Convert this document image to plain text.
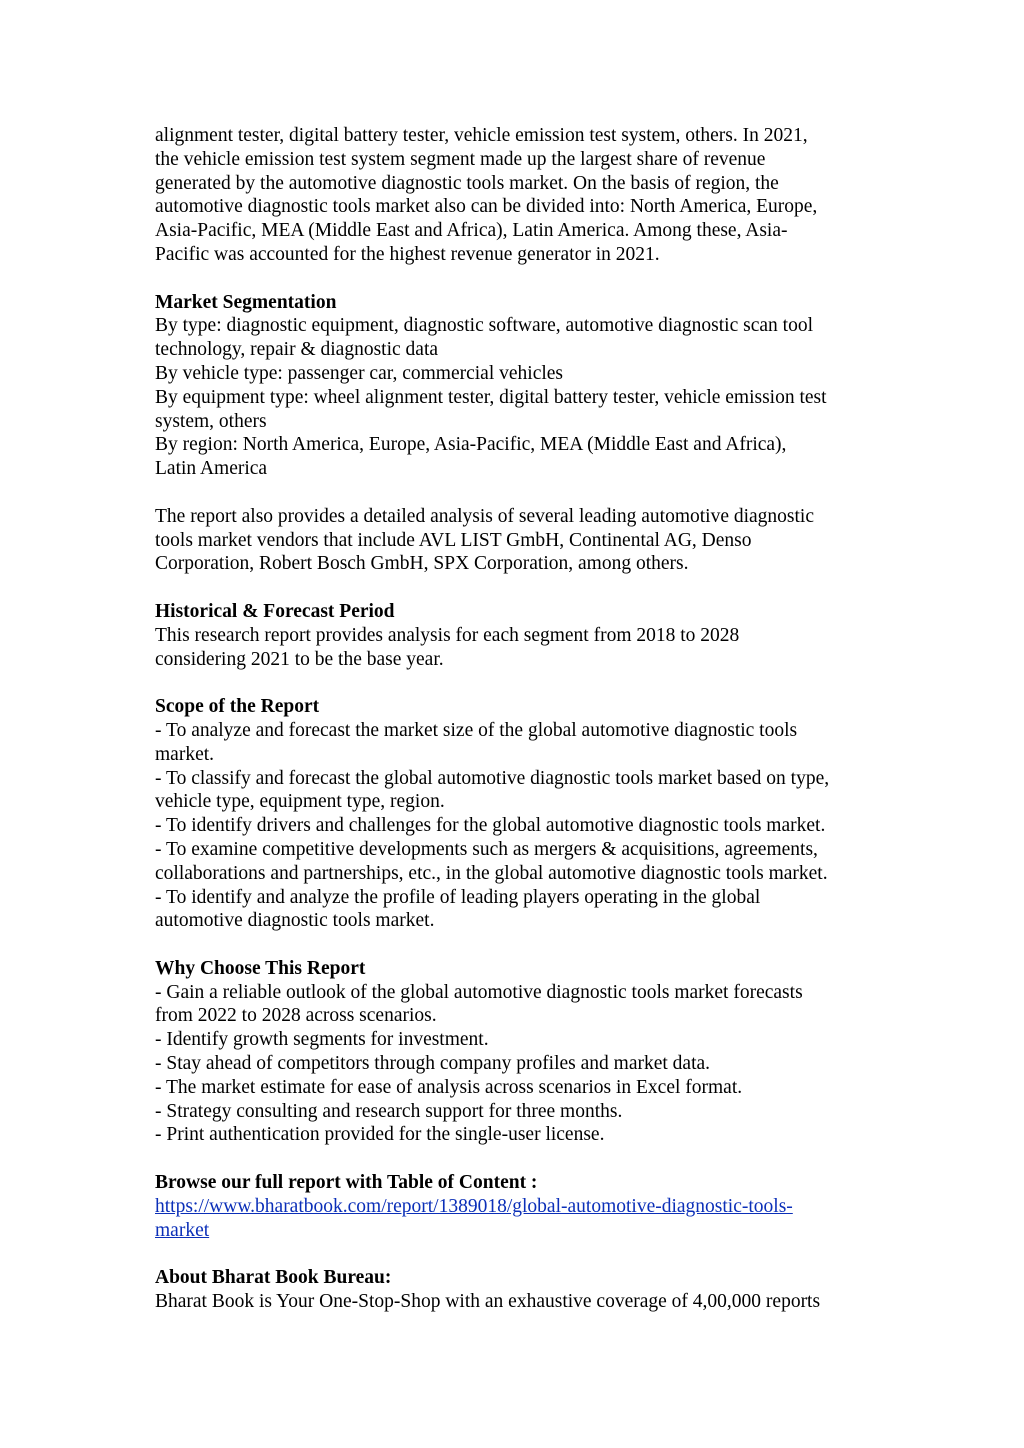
alignment tester, digital battery tester, vehicle emission test system, others. In 2021,
the vehicle emission test system segment made up the largest share of revenue
generated by the automotive diagnostic tools market. On the basis of region, the
automotive diagnostic tools market also can be divided into: North America, Europe,
Asia-Pacific, MEA (Middle East and Africa), Latin America. Among these, Asia-
Pacific was accounted for the highest revenue generator in 2021.
Market Segmentation
By type: diagnostic equipment, diagnostic software, automotive diagnostic scan tool
technology, repair & diagnostic data
By vehicle type: passenger car, commercial vehicles
By equipment type: wheel alignment tester, digital battery tester, vehicle emission test
system, others
By region: North America, Europe, Asia-Pacific, MEA (Middle East and Africa),
Latin America
The report also provides a detailed analysis of several leading automotive diagnostic
tools market vendors that include AVL LIST GmbH, Continental AG, Denso
Corporation, Robert Bosch GmbH, SPX Corporation, among others.
Historical & Forecast Period
This research report provides analysis for each segment from 2018 to 2028
considering 2021 to be the base year.
Scope of the Report
- To analyze and forecast the market size of the global automotive diagnostic tools
market.
- To classify and forecast the global automotive diagnostic tools market based on type,
vehicle type, equipment type, region.
- To identify drivers and challenges for the global automotive diagnostic tools market.
- To examine competitive developments such as mergers & acquisitions, agreements,
collaborations and partnerships, etc., in the global automotive diagnostic tools market.
- To identify and analyze the profile of leading players operating in the global
automotive diagnostic tools market.
Why Choose This Report
- Gain a reliable outlook of the global automotive diagnostic tools market forecasts
from 2022 to 2028 across scenarios.
- Identify growth segments for investment.
- Stay ahead of competitors through company profiles and market data.
- The market estimate for ease of analysis across scenarios in Excel format.
- Strategy consulting and research support for three months.
- Print authentication provided for the single-user license.
Browse our full report with Table of Content :
https://www.bharatbook.com/report/1389018/global-automotive-diagnostic-tools-
market
About Bharat Book Bureau:
Bharat Book is Your One-Stop-Shop with an exhaustive coverage of 4,00,000 reports
